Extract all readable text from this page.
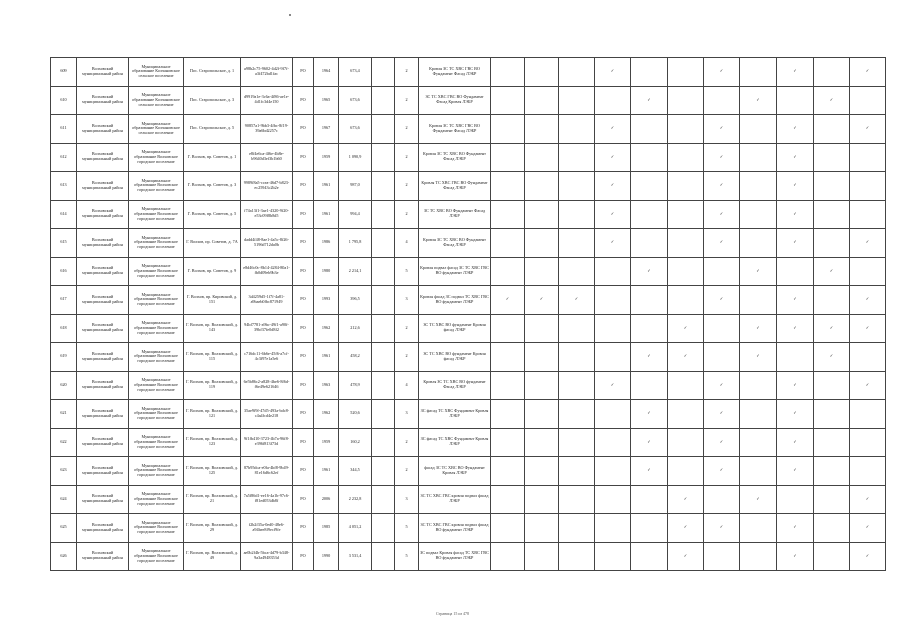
609	Волховский муниципальный район	Муниципальное образование Колчановское сельское поселение	Пос. Старопольское, д. 1	a98b2c75-9602-4d2f-9f7f-a3f472bd1fac	РО	1964	673,4		2	Кровля ЗС ТС ХВС ГВС ВО Фундамент Фасад ЛЭБР				✓			✓		✓		✓
610	Волховский муниципальный район	Муниципальное образование Колчановское сельское поселение	Пос. Старопольское, д. 3	d9919a1e-3c6a-4f86-ae1e-4d1fc3d4e150	РО	1965	673,6		2	ЗС ТС ХВС ГВС ВО Фундамент Фасад Кровля ЛЭБР					✓			✓		✓	
611	Волховский муниципальный район	Муниципальное образование Колчановское сельское поселение	Пос. Старопольское, д. 5	90857a1-9bb3-4fbc-8f19-39a6bd2257c	РО	1967	673,6		2	Кровля ЗС ТС ХВС ГВС ВО Фундамент Фасад ЛЭБР				✓			✓		✓		✓
612	Волховский муниципальный район	Муниципальное образование Волховское городское поселение	Г. Волхов, пр. Советов, д. 1	e8f4e6ca-4f6e-4b8e-b9640d3ef3b1b60	РО	1959	1 090,9		2	Кровля ЗС ТС ХВС ВО Фундамент Фасад ЛЭБР				✓			✓		✓		
613	Волховский муниципальный район	Муниципальное образование Волховское городское поселение	Г. Волхов, пр. Советов, д. 3	9989f8a5-ccea-46d7-b823-ec25943c2b2e	РО	1961	987,0		2	Кровля ТС ХВС ГВС ВО Фундамент Фасад ЛЭБР				✓			✓		✓		
614	Волховский муниципальный район	Муниципальное образование Волховское городское поселение	Г. Волхов, пр. Советов, д. 5	f74a13f1-3ae1-4320-9f20-e53c09f8b8d5	РО	1961	994,4		2	ЗС ТС ХВС ВО Фундамент Фасад ЛЭБР				✓			✓		✓		
615	Волховский муниципальный район	Муниципальное образование Волховское городское поселение	Г. Волхов, пр. Советов, д. 7А	dadd4f48-8ae1-4a5c-8f26-5196d712da0b	РО	1986	1 795,8		4	Кровля ЗС ТС ХВС ВО Фундамент Фасад ЛЭБР				✓			✓		✓		✓
616	Волховский муниципальный район	Муниципальное образование Волховское городское поселение	Г. Волхов, пр. Советов, д. 9	e8d46c0c-8b14-4284-80a1-fb0d09eb9b3e	РО	1980	2 214,1		5	Кровля подвал фасад ЗС ТС ХВС ГВС ВО фундамент ЛЭБР					✓			✓		✓	
617	Волховский муниципальный район	Муниципальное образование Волховское городское поселение	Г. Волхов, пр. Кировский, д. 151	3d4259d5-1f7f-4a81-a9baeb0fbc871949	РО	1993	396,5		3	Кровля фасад ЗС подвал ТС ХВС ГВС ВО фундамент ЛЭБР	✓	✓	✓				✓		✓		✓
618	Волховский муниципальный район	Муниципальное образование Волховское городское поселение	Г. Волхов, пр. Волховский, д. 143	94bf7781-a9bc-49f1-a90f-39bf37fe0d8f2	РО	1962	212,6		2	ЗС ТС ХВС ВО фундамент Кровля фасад ЛЭБР						✓		✓	✓	✓	✓
619	Волховский муниципальный район	Муниципальное образование Волховское городское поселение	Г. Волхов, пр. Волховский, д. 115	c716dc11-6b6e-45f6-a7cf-4c3f97e1a5e6	РО	1961	458,2		2	ЗС ТС ХВС ВО фундамент Кровля фасад ЛЭБР					✓	✓		✓		✓	
620	Волховский муниципальный район	Муниципальное образование Волховское городское поселение	Г. Волхов, пр. Волховский, д. 119	6e5b86c2-a828-4be6-8f6d-f6e49e621646	РО	1963	478,9		4	Кровля ЗС ТС ХВС ВО фундамент Фасад ЛЭБР				✓			✓		✓		✓
621	Волховский муниципальный район	Муниципальное образование Волховское городское поселение	Г. Волхов, пр. Волховский, д. 121	35ae9f9f-47d5-493a-bdc8-c4a4fcd4e218	РО	1962	520,6		3	ЗС фасад ТС ХВС Фундамент Кровля ЛЭБР					✓		✓		✓		
622	Волховский муниципальный район	Муниципальное образование Волховское городское поселение	Г. Волхов, пр. Волховский, д. 123	9f1fb410-3723-4b7a-96f8-e396f813f73d	РО	1959	160,2		2	ЗС фасад ТС ХВС Фундамент Кровля ЛЭБР					✓		✓		✓		
623	Волховский муниципальный район	Муниципальное образование Волховское городское поселение	Г. Волхов, пр. Волховский, д. 125	87b95dca-e0fa-4bf8-9b49-81e16d6c62ef	РО	1961	344,5		2	фасад ЗС ТС ХВС ВО Фундамент Кровля ЛЭБР					✓		✓		✓		
624	Волховский муниципальный район	Муниципальное образование Волховское городское поселение	Г. Волхов, пр. Волховский, д. 21	7a5f86d1-ee16-4a1b-97c6-f81ed053db8f	РО	2006	2 232,8		3	ЗС ТС ХВС ГВС кровля подвал фасад ЛЭБР						✓		✓			✓
625	Волховский муниципальный район	Муниципальное образование Волховское городское поселение	Г. Волхов, пр. Волховский, д. 29	f2b2f35a-0ed0-48e6-a94bee8f9ecf9fe	РО	1985	4 051,2		5	ЗС ТС ХВС ГВС кровля подвал фасад ВО фундамент ЛЭБР						✓	✓		✓		✓
626	Волховский муниципальный район	Муниципальное образование Волховское городское поселение	Г. Волхов, пр. Волховский, д. 49	ae0b2f4b-5bca-4d79-b348-9a3a4948353d	РО	1990	3 531,4		5	ЗС подвал Кровля фасад ТС ХВС ГВС ВО фундамент ЛЭБР						✓			✓		✓
Страница 15 из 478
